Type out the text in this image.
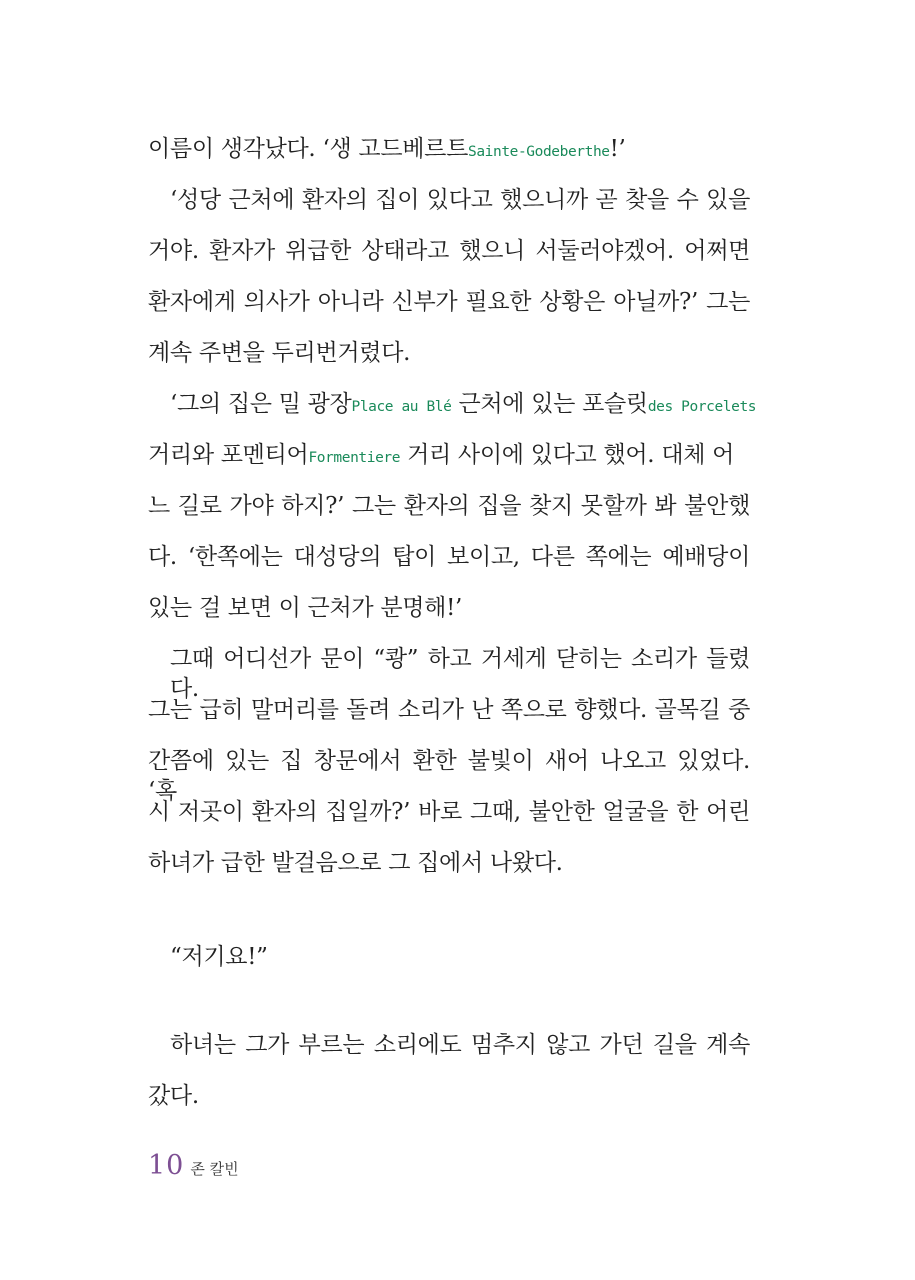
이름이 생각났다. ‘생 고드베르트Sainte-Godeberthe!’
‘성당 근처에 환자의 집이 있다고 했으니까 곧 찾을 수 있을
거야. 환자가 위급한 상태라고 했으니 서둘러야겠어. 어쩌면
환자에게 의사가 아니라 신부가 필요한 상황은 아닐까?’ 그는
계속 주변을 두리번거렸다.
‘그의 집은 밀 광장Place au Blé 근처에 있는 포슬릿des Porcelets
거리와 포멘티어Formentiere 거리 사이에 있다고 했어. 대체 어
느 길로 가야 하지?’ 그는 환자의 집을 찾지 못할까 봐 불안했
다. ‘한쪽에는 대성당의 탑이 보이고, 다른 쪽에는 예배당이
있는 걸 보면 이 근처가 분명해!’
그때 어디선가 문이 “쾅” 하고 거세게 닫히는 소리가 들렸다.
그는 급히 말머리를 돌려 소리가 난 쪽으로 향했다. 골목길 중
간쯤에 있는 집 창문에서 환한 불빛이 새어 나오고 있었다. ‘혹
시 저곳이 환자의 집일까?’ 바로 그때, 불안한 얼굴을 한 어린
하녀가 급한 발걸음으로 그 집에서 나왔다.
“저기요!”
하녀는 그가 부르는 소리에도 멈추지 않고 가던 길을 계속
갔다.
10 존 칼빈
